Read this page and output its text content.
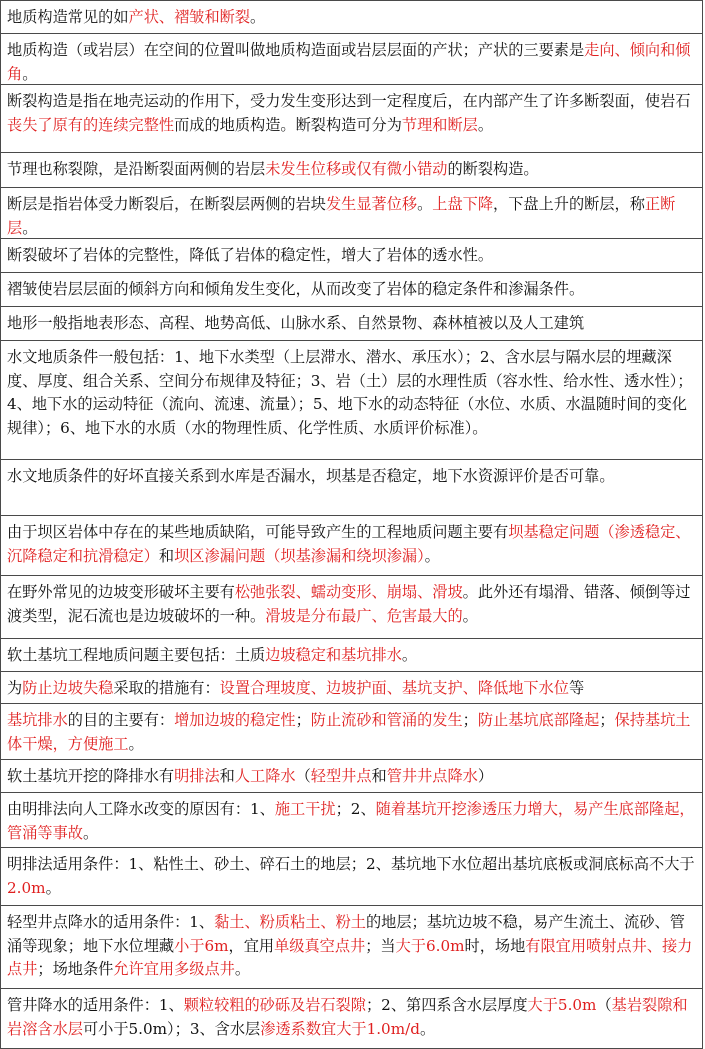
地质构造常见的如产状、褶皱和断裂。
地质构造（或岩层）在空间的位置叫做地质构造面或岩层层面的产状；产状的三要素是走向、倾向和倾角。
断裂构造是指在地壳运动的作用下，受力发生变形达到一定程度后，在内部产生了许多断裂面，使岩石丧失了原有的连续完整性而成的地质构造。断裂构造可分为节理和断层。
节理也称裂隙，是沿断裂面两侧的岩层未发生位移或仅有微小错动的断裂构造。
断层是指岩体受力断裂后，在断裂层两侧的岩块发生显著位移。上盘下降，下盘上升的断层，称正断层。
断裂破坏了岩体的完整性，降低了岩体的稳定性，增大了岩体的透水性。
褶皱使岩层层面的倾斜方向和倾角发生变化，从而改变了岩体的稳定条件和渗漏条件。
地形一般指地表形态、高程、地势高低、山脉水系、自然景物、森林植被以及人工建筑
水文地质条件一般包括：1、地下水类型（上层滞水、潜水、承压水）；2、含水层与隔水层的埋藏深度、厚度、组合关系、空间分布规律及特征；3、岩（土）层的水理性质（容水性、给水性、透水性）；4、地下水的运动特征（流向、流速、流量）；5、地下水的动态特征（水位、水质、水温随时间的变化规律）；6、地下水的水质（水的物理性质、化学性质、水质评价标准）。
水文地质条件的好坏直接关系到水库是否漏水，坝基是否稳定，地下水资源评价是否可靠。
由于坝区岩体中存在的某些地质缺陷，可能导致产生的工程地质问题主要有坝基稳定问题（渗透稳定、沉降稳定和抗滑稳定）和坝区渗漏问题（坝基渗漏和绕坝渗漏）。
在野外常见的边坡变形破坏主要有松弛张裂、蠕动变形、崩塌、滑坡。此外还有塌滑、错落、倾倒等过渡类型，泥石流也是边坡破坏的一种。滑坡是分布最广、危害最大的。
软土基坑工程地质问题主要包括：土质边坡稳定和基坑排水。
为防止边坡失稳采取的措施有：设置合理坡度、边坡护面、基坑支护、降低地下水位等
基坑排水的目的主要有：增加边坡的稳定性；防止流砂和管涌的发生；防止基坑底部隆起；保持基坑土体干燥，方便施工。
软土基坑开挖的降排水有明排法和人工降水（轻型井点和管井井点降水）
由明排法向人工降水改变的原因有：1、施工干扰；2、随着基坑开挖渗透压力增大，易产生底部隆起，管涌等事故。
明排法适用条件：1、粘性土、砂土、碎石土的地层；2、基坑地下水位超出基坑底板或洞底标高不大于2.0m。
轻型井点降水的适用条件：1、黏土、粉质粘土、粉土的地层；基坑边坡不稳，易产生流土、流砂、管涌等现象；地下水位埋藏小于6m，宜用单级真空点井；当大于6.0m时，场地有限宜用喷射点井、接力点井；场地条件允许宜用多级点井。
管井降水的适用条件：1、颗粒较粗的砂砾及岩石裂隙；2、第四系含水层厚度大于5.0m（基岩裂隙和岩溶含水层可小于5.0m）；3、含水层渗透系数宜大于1.0m/d。
